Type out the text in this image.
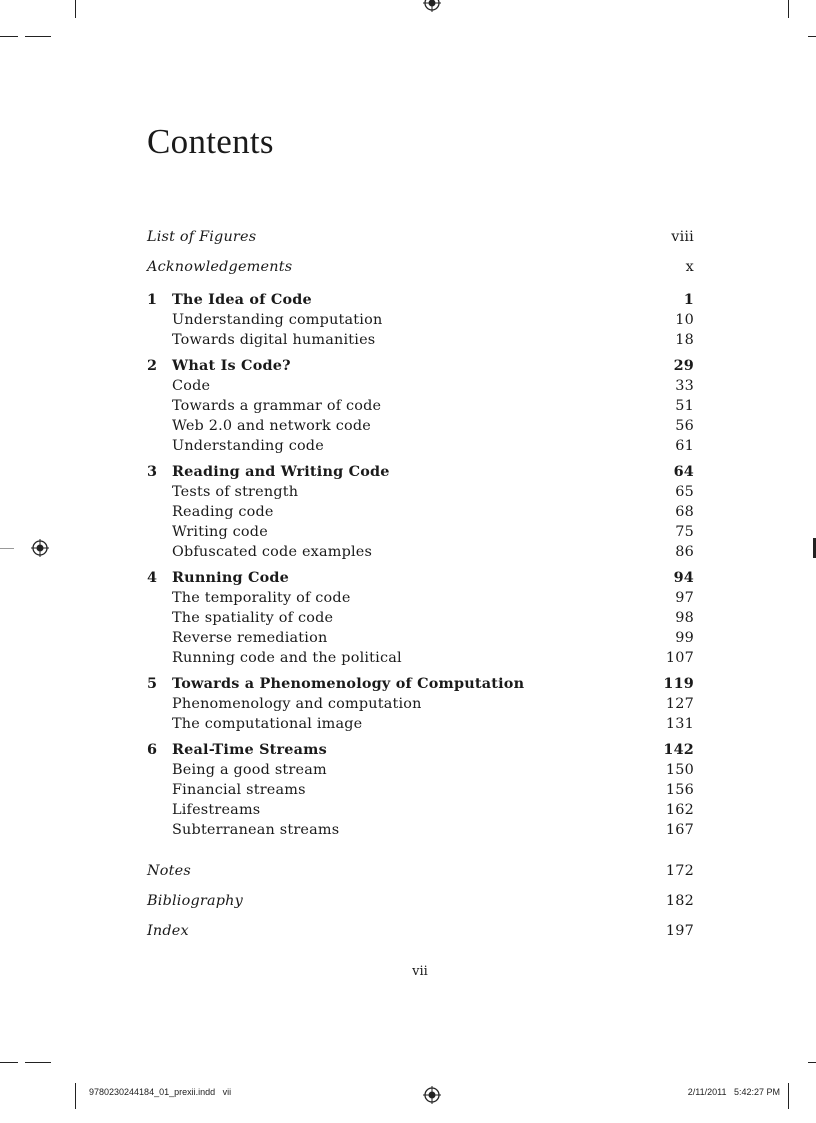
Contents
List of Figures	viii
Acknowledgements	x
1 The Idea of Code	1
Understanding computation	10
Towards digital humanities	18
2 What Is Code?	29
Code	33
Towards a grammar of code	51
Web 2.0 and network code	56
Understanding code	61
3 Reading and Writing Code	64
Tests of strength	65
Reading code	68
Writing code	75
Obfuscated code examples	86
4 Running Code	94
The temporality of code	97
The spatiality of code	98
Reverse remediation	99
Running code and the political	107
5 Towards a Phenomenology of Computation	119
Phenomenology and computation	127
The computational image	131
6 Real-Time Streams	142
Being a good stream	150
Financial streams	156
Lifestreams	162
Subterranean streams	167
Notes	172
Bibliography	182
Index	197
vii
9780230244184_01_prexii.indd   vii	2/11/2011   5:42:27 PM
